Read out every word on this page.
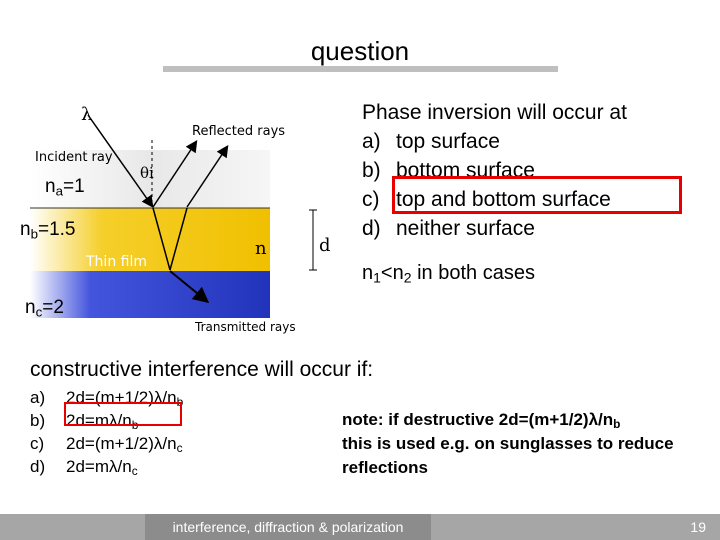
question
λ
Reflected rays
Incident ray
θi
n	d
Thin film
Transmitted rays
$n_a=1$
$n_b=1.5$
$n_c=2$
Phase inversion will occur at
a) top surface
b) bottom surface
c) top and bottom surface
d) neither surface
$n_1<n_2$ in both cases
constructive interference will occur if:
a)	$2d=(m+1/2)\lambda/n_b$
b)	$2d=m\lambda/n_b$
c)	$2d=(m+1/2)\lambda/n_c$
d)	$2d=m\lambda/n_c$
note: if destructive $2d=(m+1/2)\lambda/n_b$
this is used e.g. on sunglasses to reduce reflections
interference, diffraction & polarization	19
